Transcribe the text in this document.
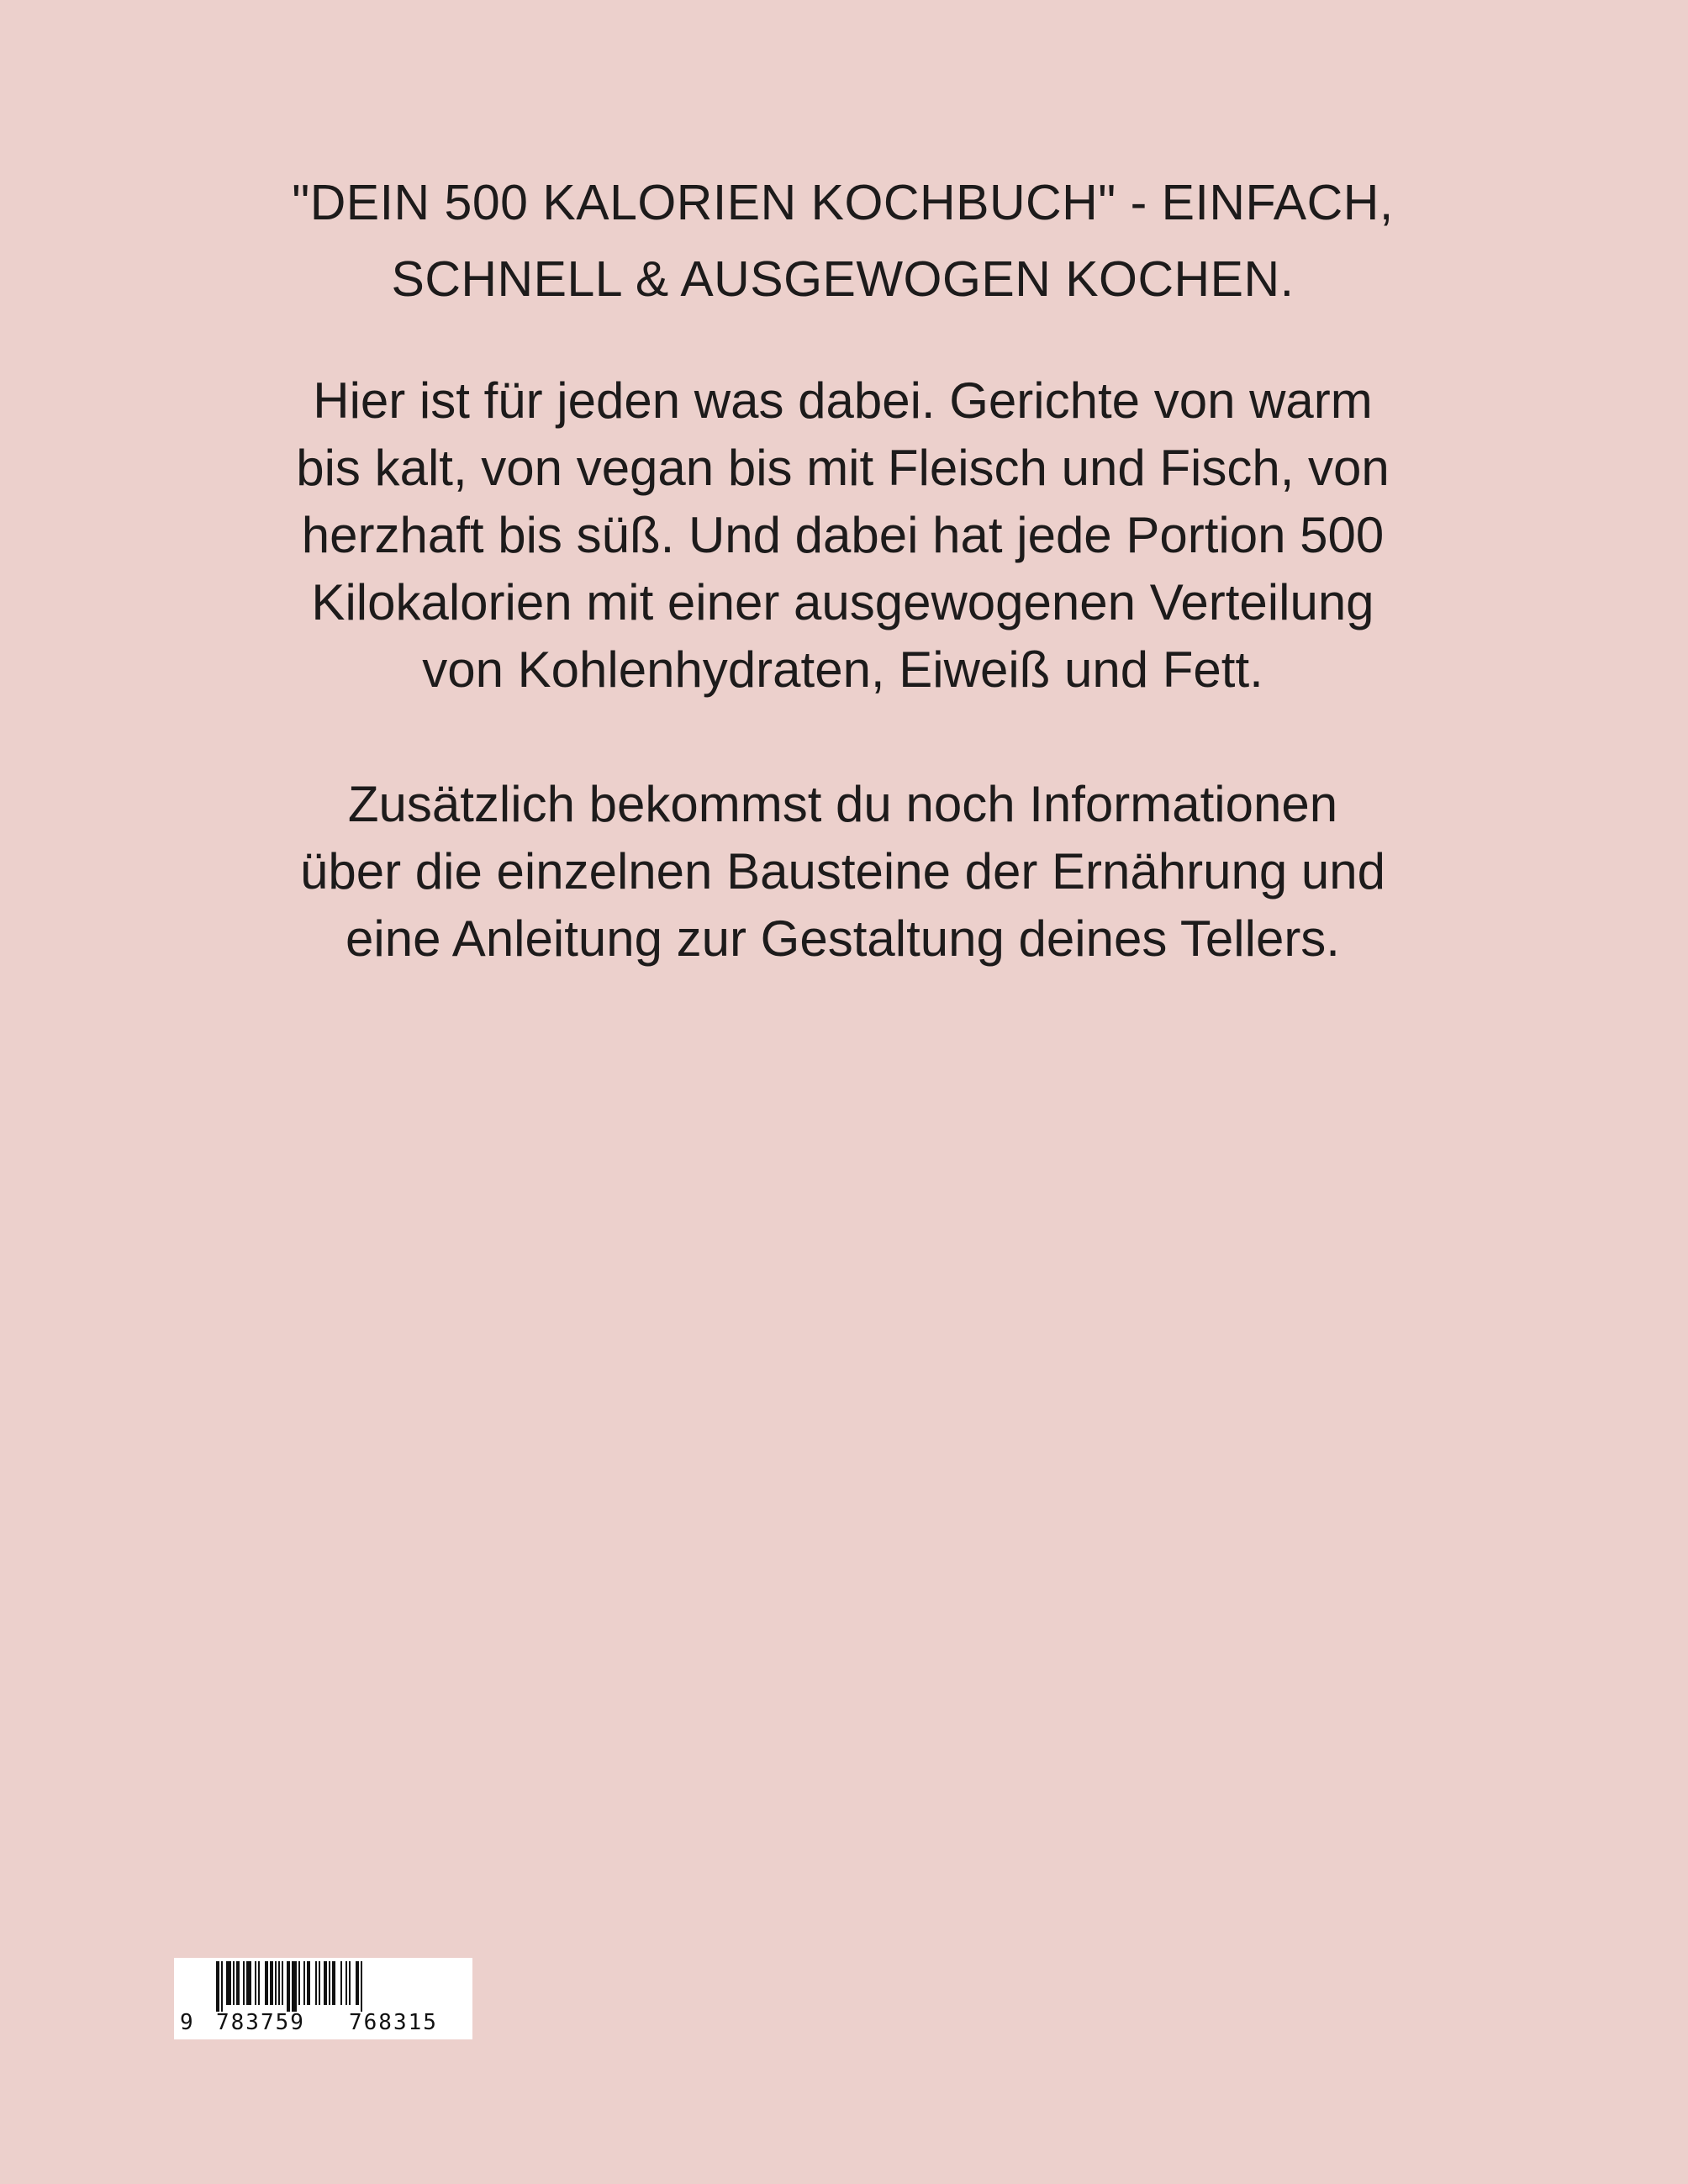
"DEIN 500 KALORIEN KOCHBUCH" - EINFACH,
SCHNELL & AUSGEWOGEN KOCHEN.
Hier ist für jeden was dabei. Gerichte von warm
bis kalt, von vegan bis mit Fleisch und Fisch, von
herzhaft bis süß. Und dabei hat jede Portion 500
Kilokalorien mit einer ausgewogenen Verteilung
von Kohlenhydraten, Eiweiß und Fett.
Zusätzlich bekommst du noch Informationen
über die einzelnen Bausteine der Ernährung und
eine Anleitung zur Gestaltung deines Tellers.
9 783759 768315
